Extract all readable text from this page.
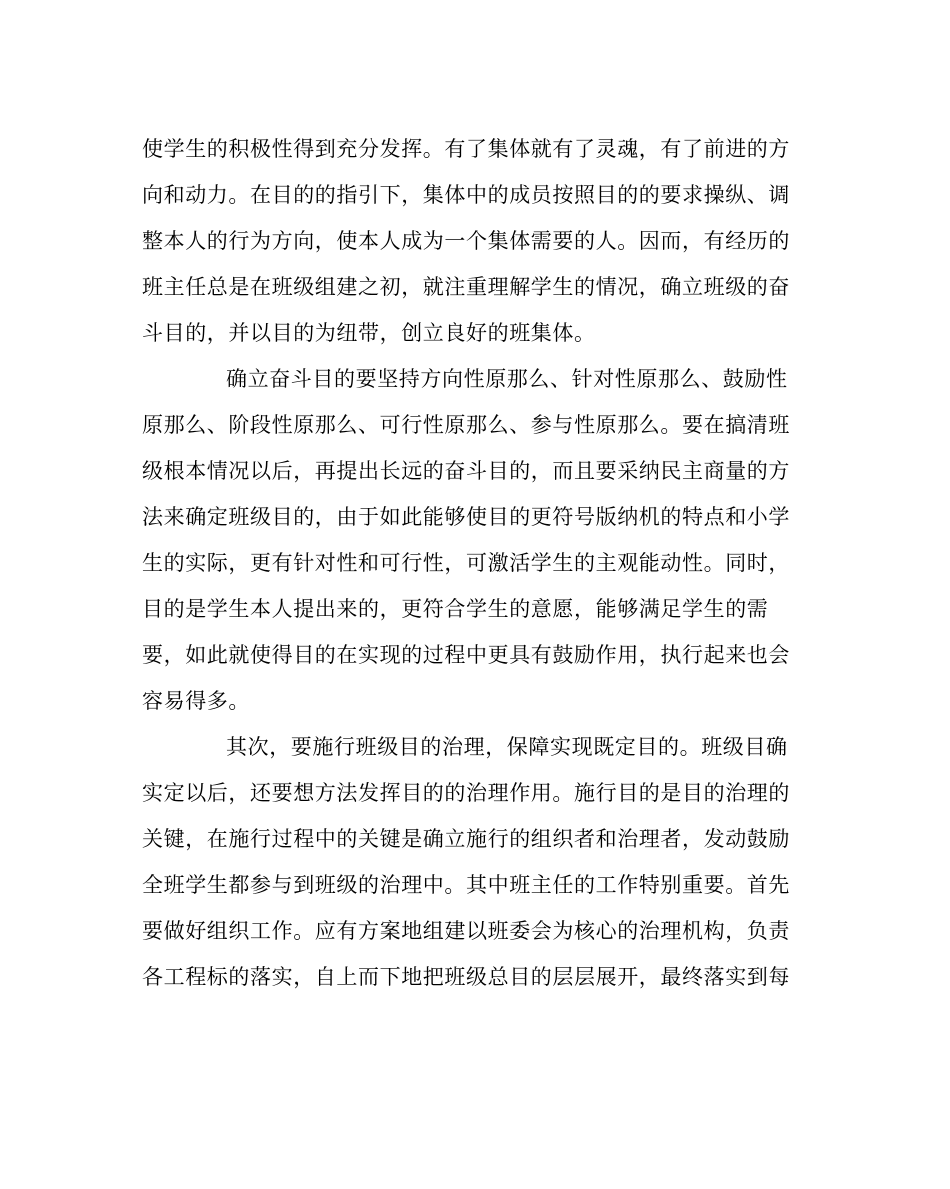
使学生的积极性得到充分发挥。有了集体就有了灵魂，有了前进的方
向和动力。在目的的指引下，集体中的成员按照目的的要求操纵、调
整本人的行为方向，使本人成为一个集体需要的人。因而，有经历的
班主任总是在班级组建之初，就注重理解学生的情况，确立班级的奋
斗目的，并以目的为纽带，创立良好的班集体。
确立奋斗目的要坚持方向性原那么、针对性原那么、鼓励性
原那么、阶段性原那么、可行性原那么、参与性原那么。要在搞清班
级根本情况以后，再提出长远的奋斗目的，而且要采纳民主商量的方
法来确定班级目的，由于如此能够使目的更符号版纳机的特点和小学
生的实际，更有针对性和可行性，可激活学生的主观能动性。同时，
目的是学生本人提出来的，更符合学生的意愿，能够满足学生的需
要，如此就使得目的在实现的过程中更具有鼓励作用，执行起来也会
容易得多。
其次，要施行班级目的治理，保障实现既定目的。班级目确
实定以后，还要想方法发挥目的的治理作用。施行目的是目的治理的
关键，在施行过程中的关键是确立施行的组织者和治理者，发动鼓励
全班学生都参与到班级的治理中。其中班主任的工作特别重要。首先
要做好组织工作。应有方案地组建以班委会为核心的治理机构，负责
各工程标的落实，自上而下地把班级总目的层层展开，最终落实到每
